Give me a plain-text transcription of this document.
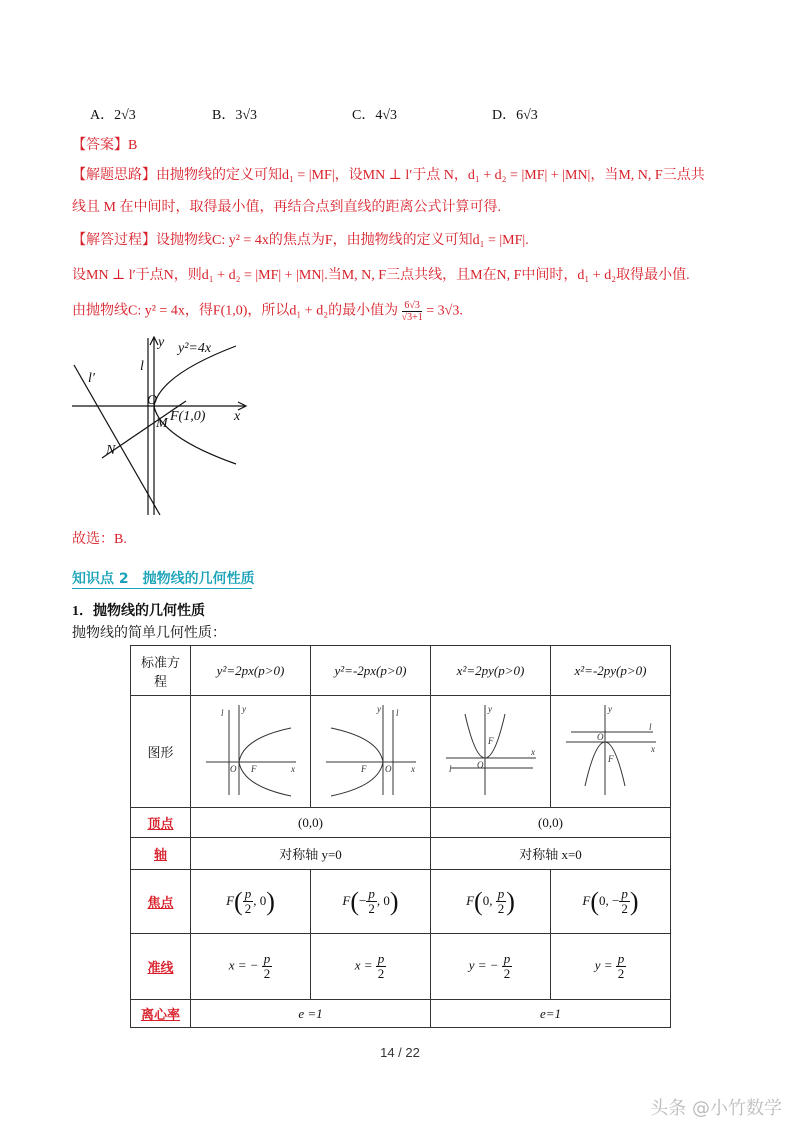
A．2√3	B．3√3	C．4√3	D．6√3
【答案】B
【解题思路】由抛物线的定义可知d₁ = |MF|，设MN ⊥ l′于点 N，d₁ + d₂ = |MF| + |MN|，当M, N, F三点共
线且 M 在中间时，取得最小值，再结合点到直线的距离公式计算可得.
【解答过程】设抛物线C: y² = 4x的焦点为F，由抛物线的定义可知d₁ = |MF|.
设MN ⊥ l′于点N，则d₁ + d₂ = |MF| + |MN|.当M, N, F三点共线，且M在N, F中间时，d₁ + d₂取得最小值.
由抛物线C: y² = 4x，得F(1,0)，所以d₁ + d₂的最小值为 $\frac{6√3}{√3+1} = 3√3$.
y
x
y²=4x
l
l′
O
F(1,0)
M
N
故选：B.
知识点 2　抛物线的几何性质
1．抛物线的几何性质
抛物线的简单几何性质：
标准方程	y²=2px(p>0)	y²=-2px(p>0)	x²=2py(p>0)	x²=-2py(p>0)
图形	l y
x
O F	l
y
x
O
F	y
x
O
F
l	y
x
O
F
l

顶点	(0,0)		(0,0)	
轴	对称轴 y=0		对称轴 x=0	
焦点	$F( \frac{p}{2}$ , 0)	$F(- \frac{p}{2}$ , 0)	F(0, $\frac{p}{2}$ )	F(0, − $\frac{p}{2}$ )
准线	x = − $\frac{p}{2}$	$x = \frac{p}{2}$	y = − $\frac{p}{2}$	$y = \frac{p}{2}$

离心率	e =1		e=1	
14 / 22
头条 @小竹数学
